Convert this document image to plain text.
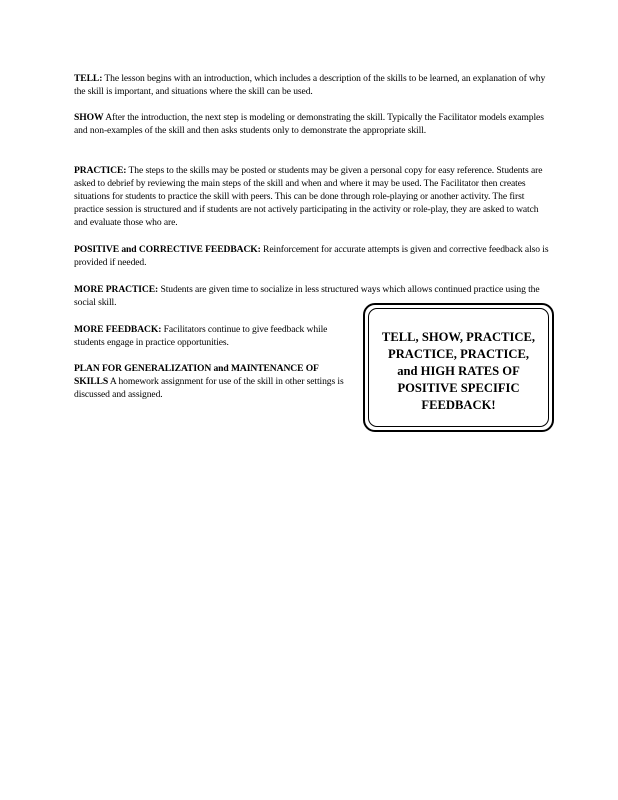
TELL: The lesson begins with an introduction, which includes a description of the skills to be learned, an explanation of why the skill is important, and situations where the skill can be used.

SHOW After the introduction, the next step is modeling or demonstrating the skill. Typically the Facilitator models examples and non-examples of the skill and then asks students only to demonstrate the appropriate skill.

PRACTICE: The steps to the skills may be posted or students may be given a personal copy for easy reference. Students are asked to debrief by reviewing the main steps of the skill and when and where it may be used. The Facilitator then creates situations for students to practice the skill with peers. This can be done through role-playing or another activity. The first practice session is structured and if students are not actively participating in the activity or role-play, they are asked to watch and evaluate those who are.

POSITIVE and CORRECTIVE FEEDBACK: Reinforcement for accurate attempts is given and corrective feedback also is provided if needed.

MORE PRACTICE: Students are given time to socialize in less structured ways which allows continued practice using the social skill.

MORE FEEDBACK: Facilitators continue to give feedback while students engage in practice opportunities.

PLAN FOR GENERALIZATION and MAINTENANCE OF SKILLS A homework assignment for use of the skill in other settings is discussed and assigned.

TELL, SHOW, PRACTICE, PRACTICE, PRACTICE, and HIGH RATES OF POSITIVE SPECIFIC FEEDBACK!
